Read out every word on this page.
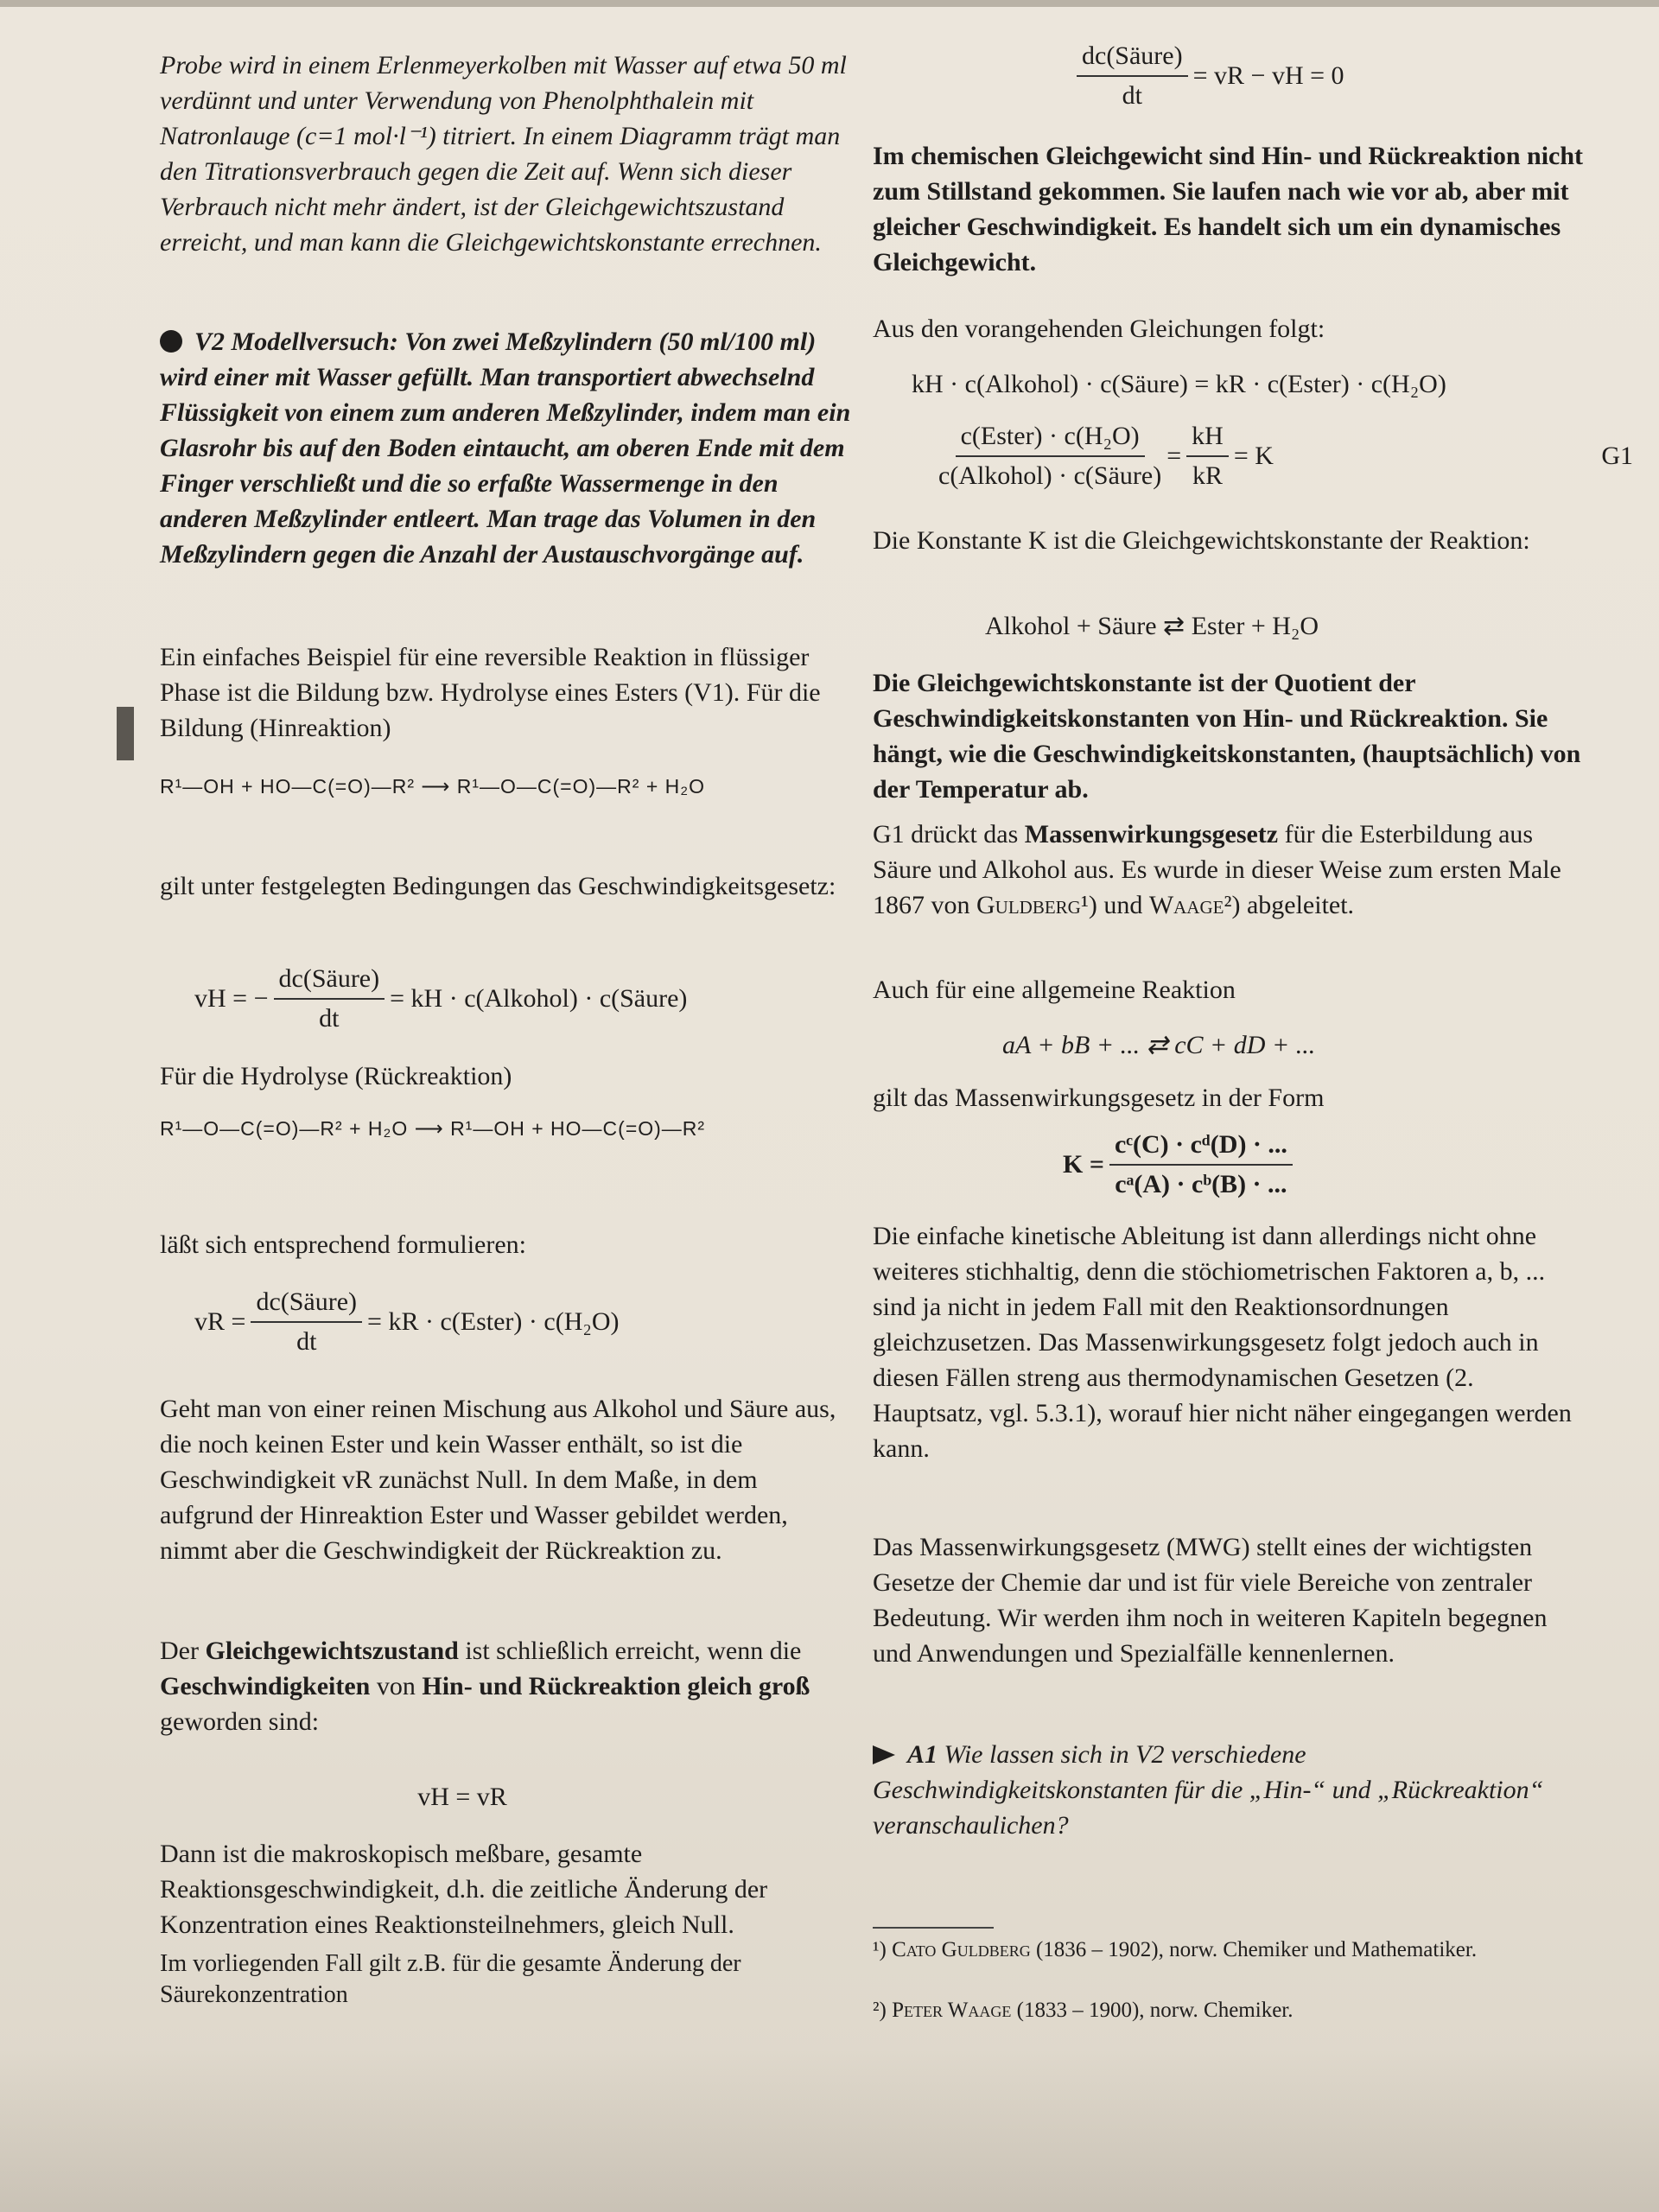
Probe wird in einem Erlenmeyerkolben mit Wasser auf etwa 50 ml verdünnt und unter Verwendung von Phenolphthalein mit Natronlauge (c=1 mol·l⁻¹) titriert. In einem Diagramm trägt man den Titrationsverbrauch gegen die Zeit auf. Wenn sich dieser Verbrauch nicht mehr ändert, ist der Gleichgewichtszustand erreicht, und man kann die Gleichgewichtskonstante errechnen.

V2 Modellversuch: Von zwei Meßzylindern (50 ml/100 ml) wird einer mit Wasser gefüllt. Man transportiert abwechselnd Flüssigkeit von einem zum anderen Meßzylinder, indem man ein Glasrohr bis auf den Boden eintaucht, am oberen Ende mit dem Finger verschließt und die so erfaßte Wassermenge in den anderen Meßzylinder entleert. Man trage das Volumen in den Meßzylindern gegen die Anzahl der Austauschvorgänge auf.

Ein einfaches Beispiel für eine reversible Reaktion in flüssiger Phase ist die Bildung bzw. Hydrolyse eines Esters (V1). Für die Bildung (Hinreaktion)

R¹—OH + HO—C(=O)—R² ⟶ R¹—O—C(=O)—R² + H₂O

gilt unter festgelegten Bedingungen das Geschwindigkeitsgesetz:

vH = − $\frac{\text{dc(Säure)}}{dt}$ = kH · c(Alkohol) · c(Säure)

Für die Hydrolyse (Rückreaktion)

R¹—O—C(=O)—R² + H₂O ⟶ R¹—OH + HO—C(=O)—R²

läßt sich entsprechend formulieren:

vR = $\frac{\text{dc(Säure)}}{dt}$ = kR · c(Ester) · c(H₂O)

Geht man von einer reinen Mischung aus Alkohol und Säure aus, die noch keinen Ester und kein Wasser enthält, so ist die Geschwindigkeit vR zunächst Null. In dem Maße, in dem aufgrund der Hinreaktion Ester und Wasser gebildet werden, nimmt aber die Geschwindigkeit der Rückreaktion zu.

Der Gleichgewichtszustand ist schließlich erreicht, wenn die Geschwindigkeiten von Hin- und Rückreaktion gleich groß geworden sind:

vH = vR

Dann ist die makroskopisch meßbare, gesamte Reaktionsgeschwindigkeit, d.h. die zeitliche Änderung der Konzentration eines Reaktionsteilnehmers, gleich Null.

Im vorliegenden Fall gilt z.B. für die gesamte Änderung der Säurekonzentration

$\frac{\text{dc(Säure)}}{dt}$ = vR − vH = 0

Im chemischen Gleichgewicht sind Hin- und Rückreaktion nicht zum Stillstand gekommen. Sie laufen nach wie vor ab, aber mit gleicher Geschwindigkeit. Es handelt sich um ein dynamisches Gleichgewicht.

Aus den vorangehenden Gleichungen folgt:

kH · c(Alkohol) · c(Säure) = kR · c(Ester) · c(H₂O)
$\frac{\text{c(Ester) · c(H₂O)}}{\text{c(Alkohol) · c(Säure)}} = \frac{kH}{kR} = K$	G1

Die Konstante K ist die Gleichgewichtskonstante der Reaktion:

Alkohol + Säure ⇄ Ester + H₂O

Die Gleichgewichtskonstante ist der Quotient der Geschwindigkeitskonstanten von Hin- und Rückreaktion. Sie hängt, wie die Geschwindigkeitskonstanten, (hauptsächlich) von der Temperatur ab.

G1 drückt das Massenwirkungsgesetz für die Esterbildung aus Säure und Alkohol aus. Es wurde in dieser Weise zum ersten Male 1867 von Guldberg¹) und Waage²) abgeleitet.

Auch für eine allgemeine Reaktion

aA + bB + ... ⇄ cC + dD + ...

gilt das Massenwirkungsgesetz in der Form

$K = \frac{\text{cᶜ(C) · cᵈ(D) · ...}}{\text{cᵃ(A) · cᵇ(B) · ...}}$

Die einfache kinetische Ableitung ist dann allerdings nicht ohne weiteres stichhaltig, denn die stöchiometrischen Faktoren a, b, ... sind ja nicht in jedem Fall mit den Reaktionsordnungen gleichzusetzen. Das Massenwirkungsgesetz folgt jedoch auch in diesen Fällen streng aus thermodynamischen Gesetzen (2. Hauptsatz, vgl. 5.3.1), worauf hier nicht näher eingegangen werden kann.

Das Massenwirkungsgesetz (MWG) stellt eines der wichtigsten Gesetze der Chemie dar und ist für viele Bereiche von zentraler Bedeutung. Wir werden ihm noch in weiteren Kapiteln begegnen und Anwendungen und Spezialfälle kennenlernen.

A1 Wie lassen sich in V2 verschiedene Geschwindigkeitskonstanten für die „Hin-“ und „Rückreaktion“ veranschaulichen?

¹) Cato Guldberg (1836 – 1902), norw. Chemiker und Mathematiker.

²) Peter Waage (1833 – 1900), norw. Chemiker.
